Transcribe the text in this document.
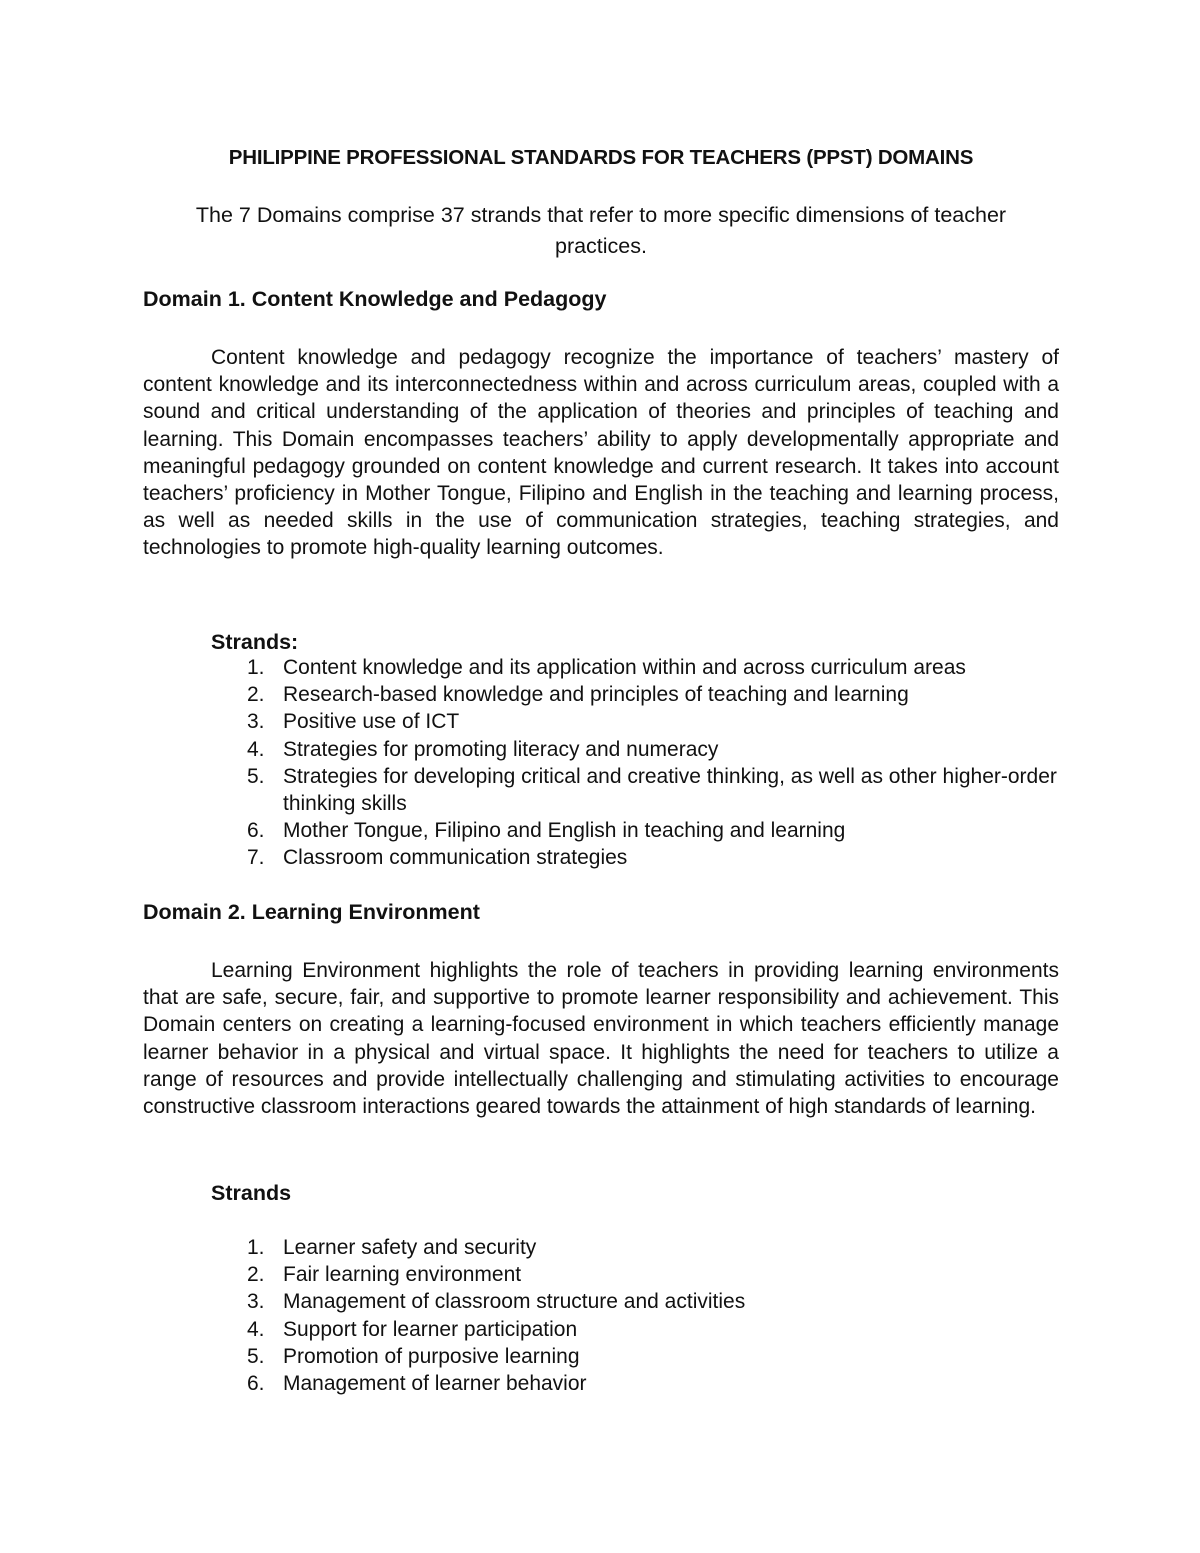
PHILIPPINE PROFESSIONAL STANDARDS FOR TEACHERS (PPST) DOMAINS

The 7 Domains comprise 37 strands that refer to more specific dimensions of teacher practices.

Domain 1. Content Knowledge and Pedagogy

Content knowledge and pedagogy recognize the importance of teachers’ mastery of content knowledge and its interconnectedness within and across curriculum areas, coupled with a sound and critical understanding of the application of theories and principles of teaching and learning. This Domain encompasses teachers’ ability to apply developmentally appropriate and meaningful pedagogy grounded on content knowledge and current research. It takes into account teachers’ proficiency in Mother Tongue, Filipino and English in the teaching and learning process, as well as needed skills in the use of communication strategies, teaching strategies, and technologies to promote high-quality learning outcomes.

Strands:
1. Content knowledge and its application within and across curriculum areas
2. Research-based knowledge and principles of teaching and learning
3. Positive use of ICT
4. Strategies for promoting literacy and numeracy
5. Strategies for developing critical and creative thinking, as well as other higher-order thinking skills
6. Mother Tongue, Filipino and English in teaching and learning
7. Classroom communication strategies
Domain 2. Learning Environment

Learning Environment highlights the role of teachers in providing learning environments that are safe, secure, fair, and supportive to promote learner responsibility and achievement. This Domain centers on creating a learning-focused environment in which teachers efficiently manage learner behavior in a physical and virtual space. It highlights the need for teachers to utilize a range of resources and provide intellectually challenging and stimulating activities to encourage constructive classroom interactions geared towards the attainment of high standards of learning.

Strands
1. Learner safety and security
2. Fair learning environment
3. Management of classroom structure and activities
4. Support for learner participation
5. Promotion of purposive learning
6. Management of learner behavior
